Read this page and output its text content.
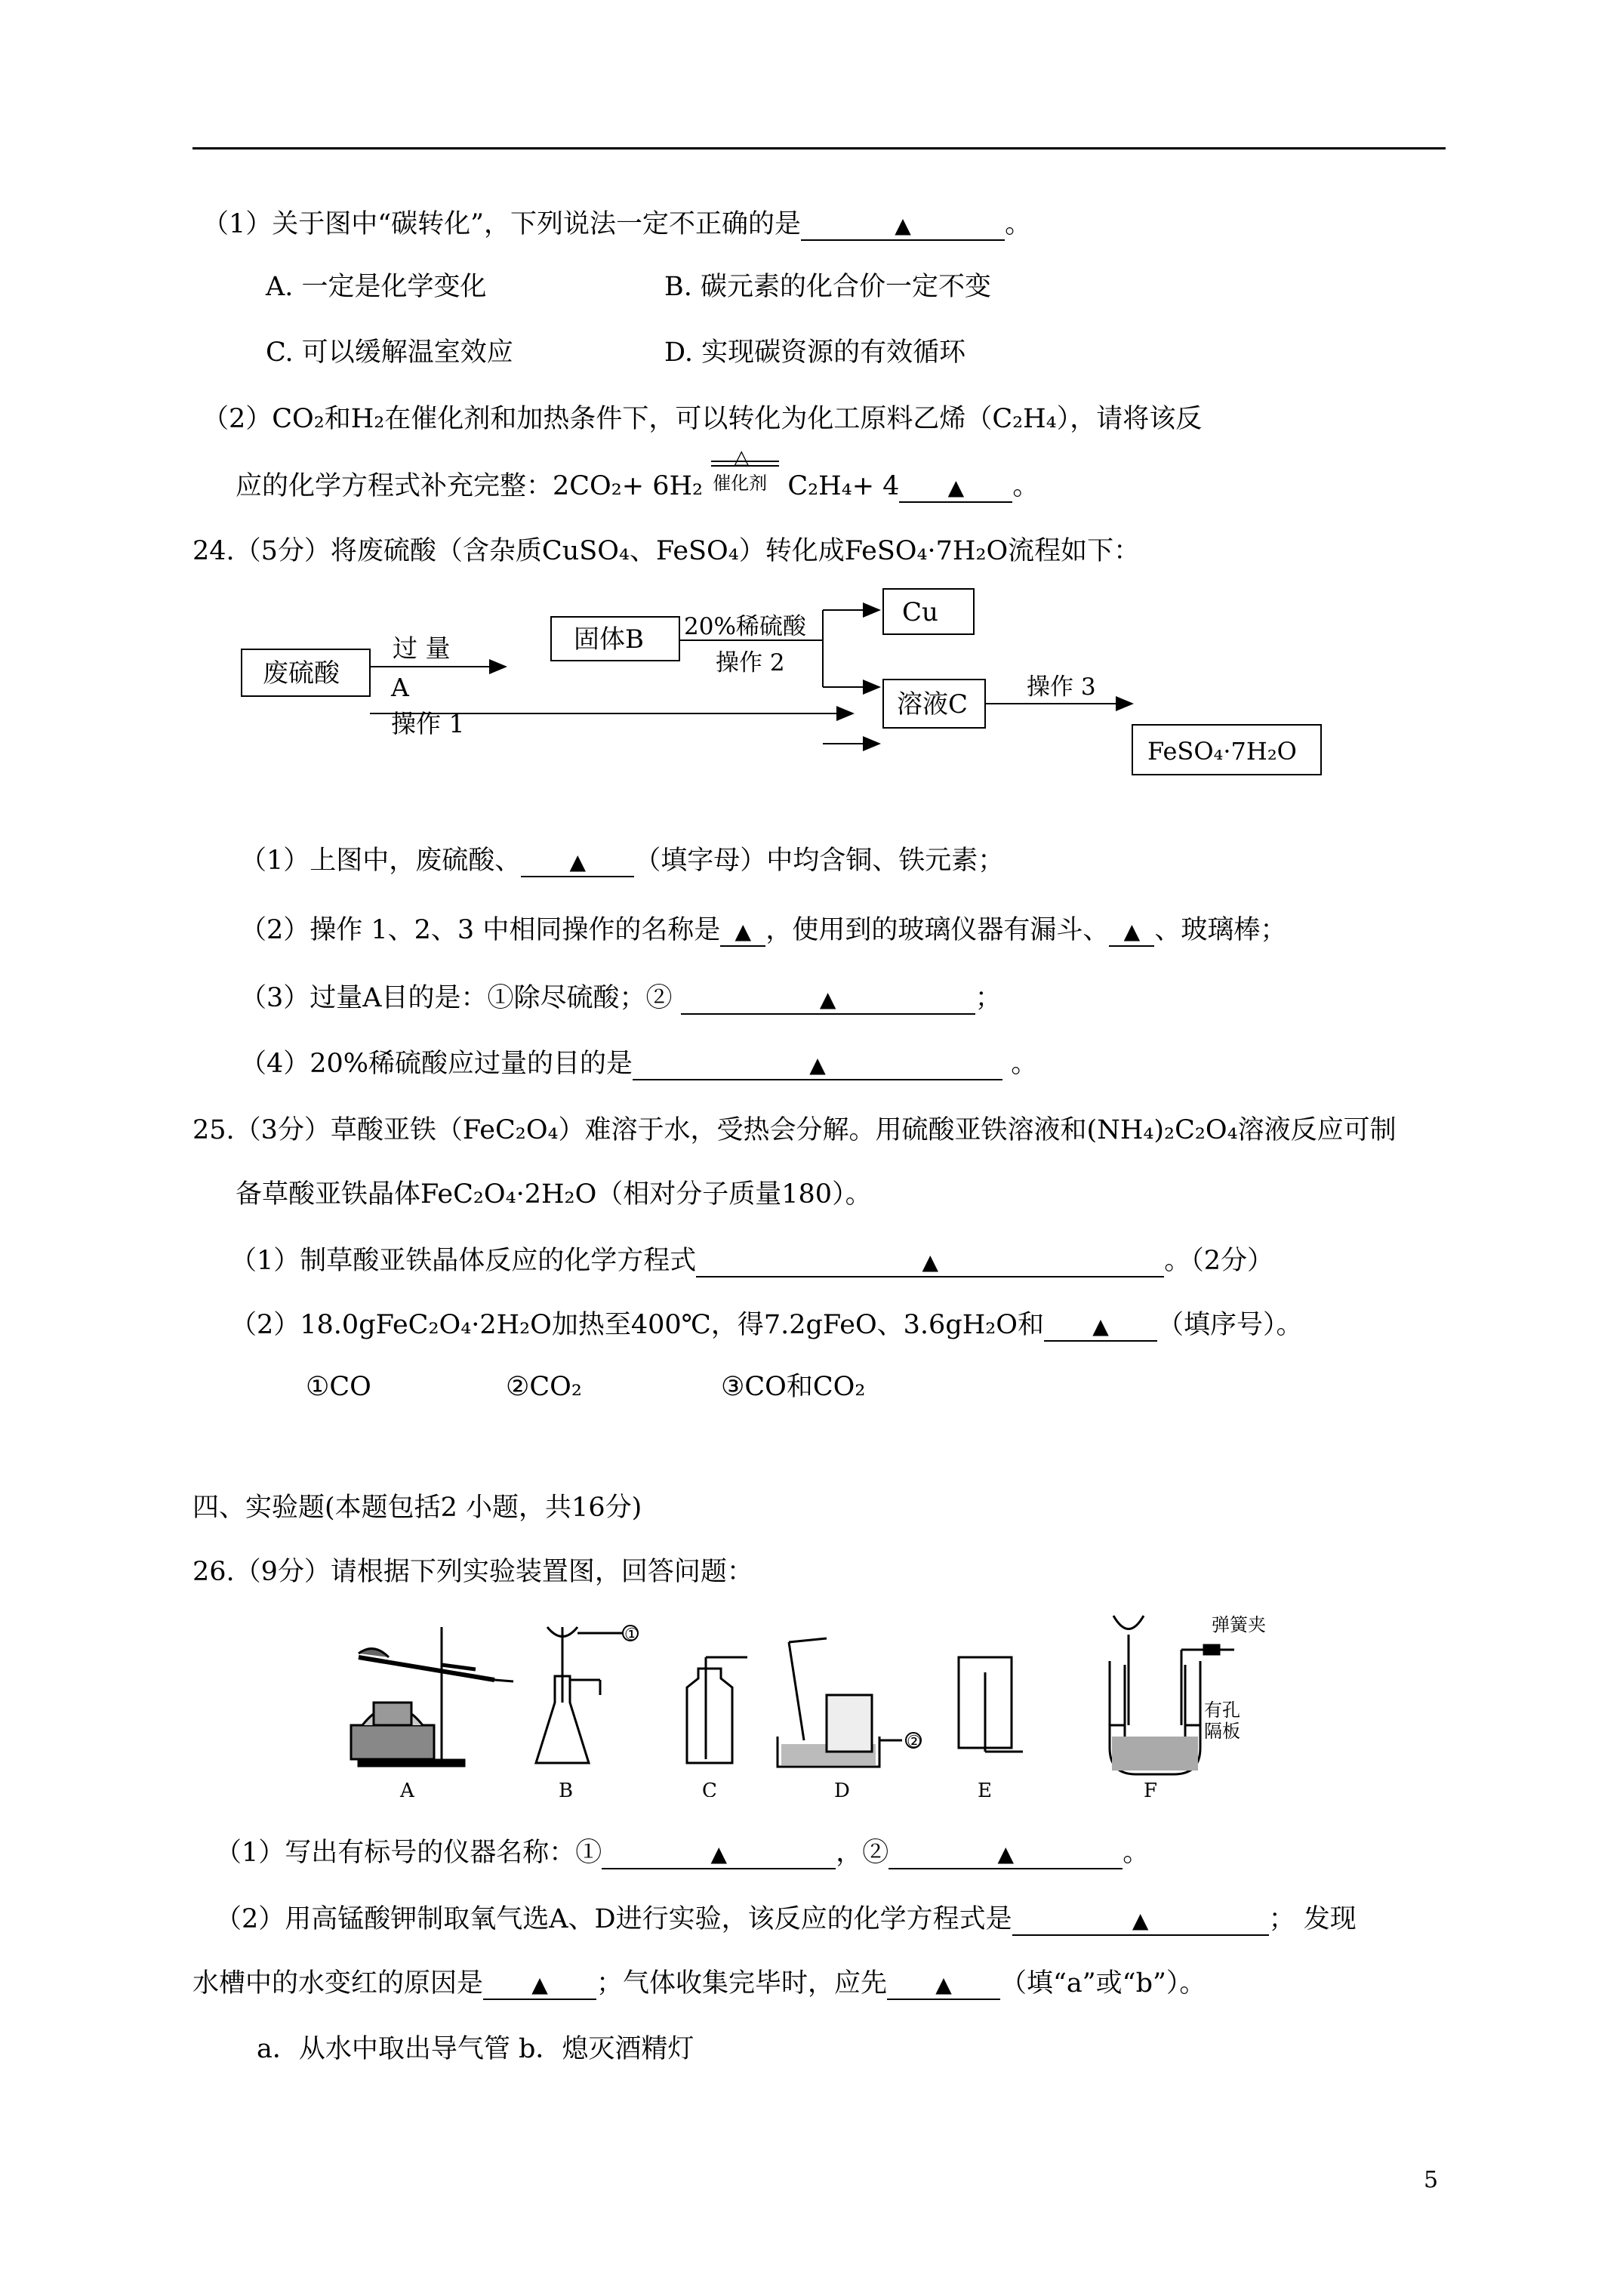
（1）关于图中“碳转化”，下列说法一定不正确的是	▲	。
A. 一定是化学变化	B. 碳元素的化合价一定不变
C. 可以缓解温室效应	D. 实现碳资源的有效循环
（2）CO₂和H₂在催化剂和加热条件下，可以转化为化工原料乙烯（C₂H₄），请将该反
应的化学方程式补充完整：2CO₂+ 6H₂
△
催化剂 C₂H₄+ 4 ▲ 。
24.（5分）将废硫酸（含杂质CuSO₄、FeSO₄）转化成FeSO₄·7H₂O流程如下：
废硫酸
过 量
A
操作 1
固体B 20%稀硫酸
操作 2
Cu
溶液C
操作 3
FeSO₄·7H₂O
（1）上图中，废硫酸、 ▲ （填字母）中均含铜、铁元素；
（2）操作 1、2、3 中相同操作的名称是 ▲ ，使用到的玻璃仪器有漏斗、 ▲ 、玻璃棒；
（3）过量A目的是：①除尽硫酸；②	▲	；
（4）20%稀硫酸应过量的目的是	▲	。
25.（3分）草酸亚铁（FeC₂O₄）难溶于水，受热会分解。用硫酸亚铁溶液和(NH₄)₂C₂O₄溶液反应可制
备草酸亚铁晶体FeC₂O₄·2H₂O（相对分子质量180）。
（1）制草酸亚铁晶体反应的化学方程式	▲	。（2分）
（2）18.0gFeC₂O₄·2H₂O加热至400℃，得7.2gFeO、3.6gH₂O和 ▲ （填序号）。
①CO	②CO₂	③CO和CO₂
四、实验题(本题包括2 小题，共16分)
26.（9分）请根据下列实验装置图，回答问题：
A	B	C	D	E	F
①
②
弹簧夹
有孔
隔板
（1）写出有标号的仪器名称：①	▲	，②	▲	。
（2）用高锰酸钾制取氧气选A、D进行实验，该反应的化学方程式是	▲	； 发现
水槽中的水变红的原因是 ▲ ；气体收集完毕时，应先 ▲ （填“a”或“b”）。
a．从水中取出导气管 b．熄灭酒精灯
5
